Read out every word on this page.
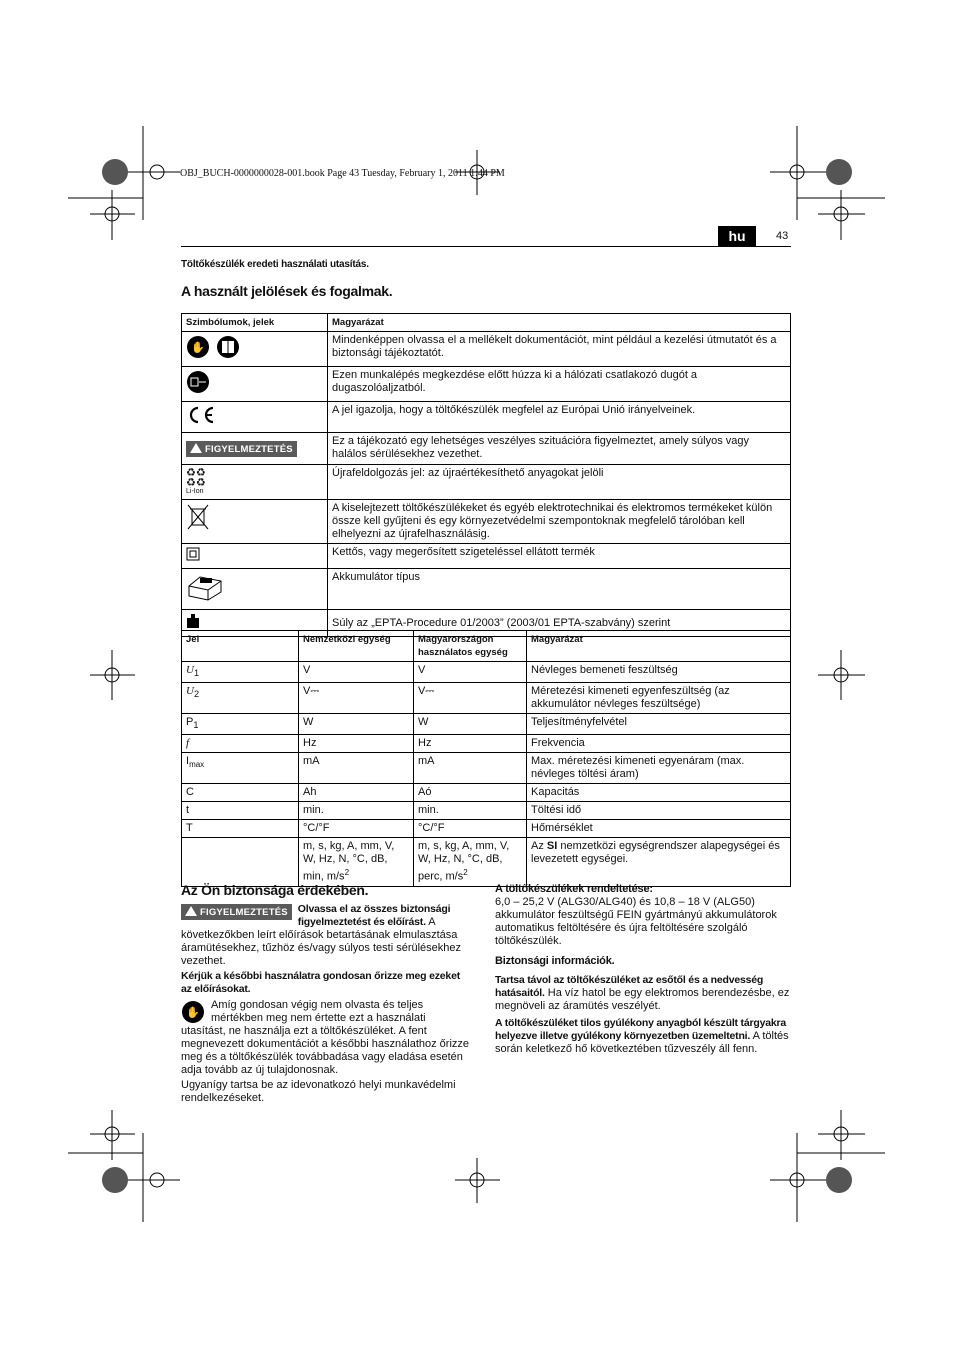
OBJ_BUCH-0000000028-001.book Page 43 Tuesday, February 1, 2011 1:44 PM
hu	43
Töltőkészülék eredeti használati utasítás.
A használt jelölések és fogalmak.
Szimbólumok, jelek	Magyarázat

✋	Mindenképpen olvassa el a mellékelt dokumentációt, mint például a kezelési útmutatót és a biztonsági tájékoztatót.
	Ezen munkalépés megkezdése előtt húzza ki a hálózati csatlakozó dugót a dugaszolóaljzatból.
	A jel igazolja, hogy a töltőkészülék megfelel az Európai Unió irányelveinek.
FIGYELMEZTETÉS	Ez a tájékozató egy lehetséges veszélyes szituációra figyelmeztet, amely súlyos vagy halálos sérülésekhez vezethet.

♻♻
♻♻
Li-Ion	Újrafeldolgozás jel: az újraértékesíthető anyagokat jelöli
	A kiselejtezett töltőkészülékeket és egyéb elektrotechnikai és elektromos termékeket külön össze kell gyűjteni és egy környezetvédelmi szempontoknak megfelelő tárolóban kell elhelyezni az újrafelhasználásig.
	Kettős, vagy megerősített szigeteléssel ellátott termék
	Akkumulátor típus
	Súly az „EPTA-Procedure 01/2003” (2003/01 EPTA-szabvány) szerint
Jel	Nemzetközi egység	Magyarországon használatos egység	Magyarázat
$U_1$	V	V	Névleges bemeneti feszültség
$U_2$	V⎓	V⎓	Méretezési kimeneti egyenfeszültség (az akkumulátor névleges feszültsége)
$P_1$	W	W	Teljesítményfelvétel
f	Hz	Hz	Frekvencia
$I_{max}$	mA	mA	Max. méretezési kimeneti egyenáram (max. névleges töltési áram)
C	Ah	Aó	Kapacitás
t	min.	min.	Töltési idő
T	°C/°F	°C/°F	Hőmérséklet
	m, s, kg, A, mm, V, W, Hz, N, °C, dB, min, $m/s^2$	m, s, kg, A, mm, V, W, Hz, N, °C, dB, perc, $m/s^2$	Az SI nemzetközi egységrendszer alapegységei és levezetett egységei.
Az Ön biztonsága érdekében.
FIGYELMEZTETÉS Olvassa el az összes biztonsági figyelmeztetést és előírást. A következőkben leírt előírások betartásának elmulasztása áramütésekhez, tűzhöz és/vagy súlyos testi sérülésekhez vezethet.
Kérjük a későbbi használatra gondosan őrizze meg ezeket az előírásokat.
✋
Amíg gondosan végig nem olvasta és teljes mértékben meg nem értette ezt a használati utasítást, ne használja ezt a töltőkészüléket. A fent megnevezett dokumentációt a későbbi használathoz őrizze meg és a töltőkészülék továbbadása vagy eladása esetén adja tovább az új tulajdonosnak.
Ugyanígy tartsa be az idevonatkozó helyi munkavédelmi rendelkezéseket.
A töltőkészülékek rendeltetése:
6,0 – 25,2 V (ALG30/ALG40) és 10,8 – 18 V (ALG50) akkumulátor feszültségű FEIN gyártmányú akkumulátorok automatikus feltöltésére és újra feltöltésére szolgáló töltőkészülék.
Biztonsági információk.
Tartsa távol az töltőkészüléket az esőtől és a nedvesség hatásaitól. Ha víz hatol be egy elektromos berendezésbe, ez megnöveli az áramütés veszélyét.
A töltőkészüléket tilos gyúlékony anyagból készült tárgyakra helyezve illetve gyúlékony környezetben üzemeltetni. A töltés során keletkező hő következtében tűzveszély áll fenn.
